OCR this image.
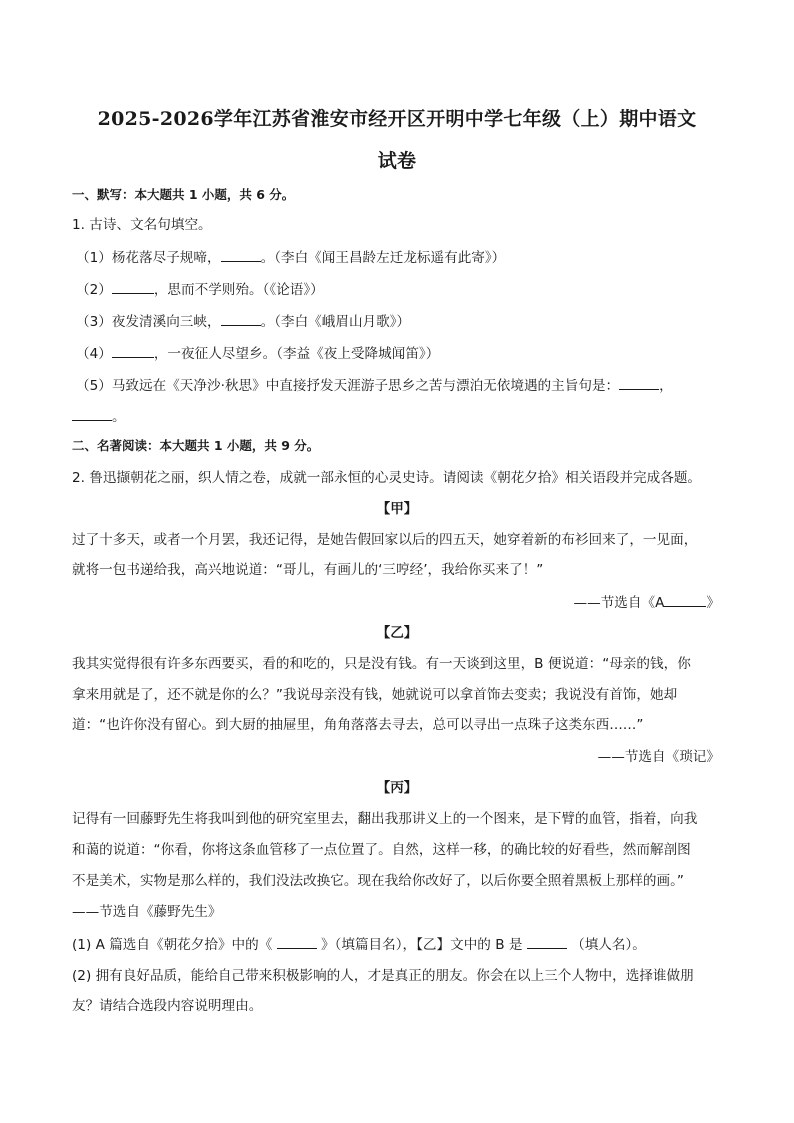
2025-2026学年江苏省淮安市经开区开明中学七年级（上）期中语文
试卷
一、默写：本大题共 1 小题，共 6 分。
1. 古诗、文名句填空。
（1）杨花落尽子规啼，	。（李白《闻王昌龄左迁龙标遥有此寄》）
（2）	，思而不学则殆。（《论语》）
（3）夜发清溪向三峡，	。（李白《峨眉山月歌》）
（4）	，一夜征人尽望乡。（李益《夜上受降城闻笛》）
（5）马致远在《天净沙·秋思》中直接抒发天涯游子思乡之苦与漂泊无依境遇的主旨句是：	，
。
二、名著阅读：本大题共 1 小题，共 9 分。
2. 鲁迅撷朝花之丽，织人情之卷，成就一部永恒的心灵史诗。请阅读《朝花夕拾》相关语段并完成各题。
【甲】
过了十多天，或者一个月罢，我还记得，是她告假回家以后的四五天，她穿着新的布衫回来了，一见面，
就将一包书递给我，高兴地说道：“哥儿，有画儿的‘三哼经’，我给你买来了！”
——节选自《A	》
【乙】
我其实觉得很有许多东西要买，看的和吃的，只是没有钱。有一天谈到这里，B 便说道：“母亲的钱，你
拿来用就是了，还不就是你的么？”我说母亲没有钱，她就说可以拿首饰去变卖；我说没有首饰，她却
道：“也许你没有留心。到大厨的抽屉里，角角落落去寻去，总可以寻出一点珠子这类东西……”
——节选自《琐记》
【丙】
记得有一回藤野先生将我叫到他的研究室里去，翻出我那讲义上的一个图来，是下臂的血管，指着，向我
和蔼的说道：“你看，你将这条血管移了一点位置了。自然，这样一移，的确比较的好看些，然而解剖图
不是美术，实物是那么样的，我们没法改换它。现在我给你改好了，以后你要全照着黑板上那样的画。”
——节选自《藤野先生》
(1) A 篇选自《朝花夕拾》中的《	》（填篇目名），【乙】文中的 B 是	（填人名）。
(2) 拥有良好品质，能给自己带来积极影响的人，才是真正的朋友。你会在以上三个人物中，选择谁做朋
友？请结合选段内容说明理由。
